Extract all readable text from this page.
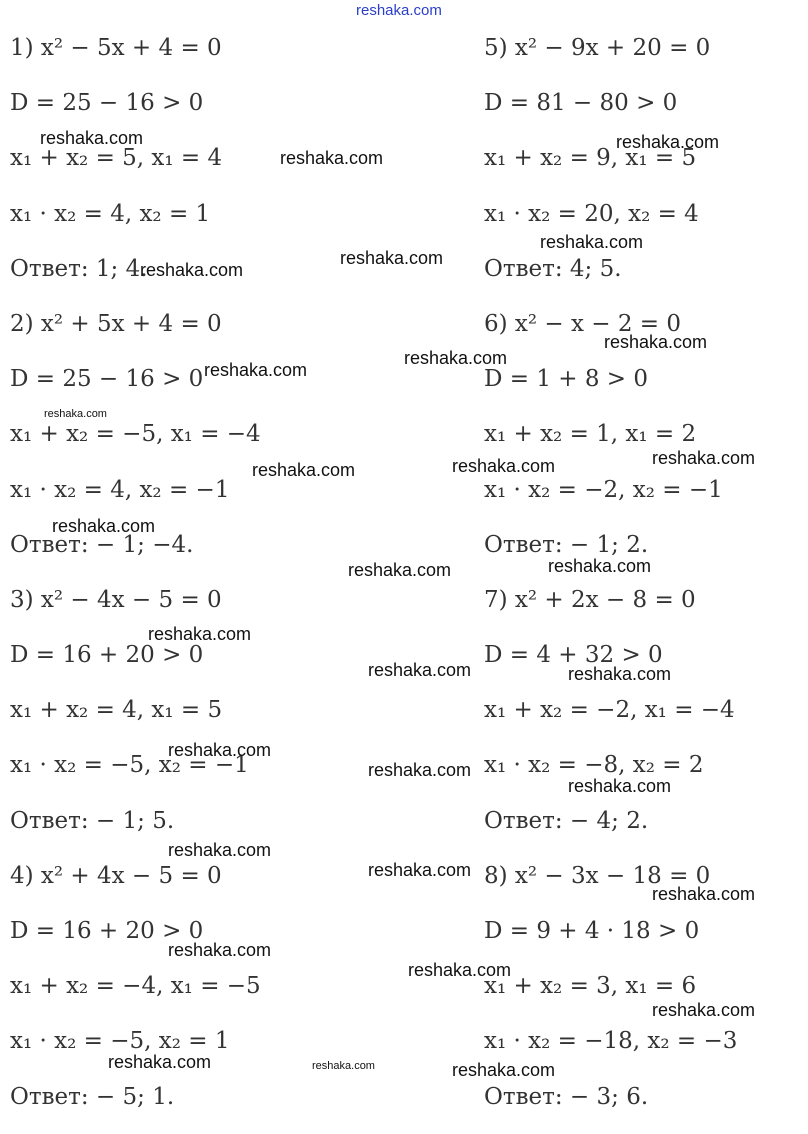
reshaka.com
1) x² − 5x + 4 = 0
D = 25 − 16 > 0
x₁ + x₂ = 5, x₁ = 4
x₁ · x₂ = 4, x₂ = 1
Ответ: 1; 4.
2) x² + 5x + 4 = 0
D = 25 − 16 > 0
x₁ + x₂ = −5, x₁ = −4
x₁ · x₂ = 4, x₂ = −1
Ответ: − 1; −4.
3) x² − 4x − 5 = 0
D = 16 + 20 > 0
x₁ + x₂ = 4, x₁ = 5
x₁ · x₂ = −5, x₂ = −1
Ответ: − 1; 5.
4) x² + 4x − 5 = 0
D = 16 + 20 > 0
x₁ + x₂ = −4, x₁ = −5
x₁ · x₂ = −5, x₂ = 1
Ответ: − 5; 1.
5) x² − 9x + 20 = 0
D = 81 − 80 > 0
x₁ + x₂ = 9, x₁ = 5
x₁ · x₂ = 20, x₂ = 4
Ответ: 4; 5.
6) x² − x − 2 = 0
D = 1 + 8 > 0
x₁ + x₂ = 1, x₁ = 2
x₁ · x₂ = −2, x₂ = −1
Ответ: − 1; 2.
7) x² + 2x − 8 = 0
D = 4 + 32 > 0
x₁ + x₂ = −2, x₁ = −4
x₁ · x₂ = −8, x₂ = 2
Ответ: − 4; 2.
8) x² − 3x − 18 = 0
D = 9 + 4 · 18 > 0
x₁ + x₂ = 3, x₁ = 6
x₁ · x₂ = −18, x₂ = −3
Ответ: − 3; 6.
reshaka.com
reshaka.com
reshaka.com
reshaka.com
reshaka.com
reshaka.com
reshaka.com
reshaka.com
reshaka.com
reshaka.com
reshaka.com
reshaka.com	reshaka.com
reshaka.com
reshaka.com
reshaka.com
reshaka.com
reshaka.com	reshaka.com
reshaka.com
reshaka.com
reshaka.com
reshaka.com
reshaka.com
reshaka.com
reshaka.com
reshaka.com
reshaka.com
reshaka.com	reshaka.com	reshaka.com
